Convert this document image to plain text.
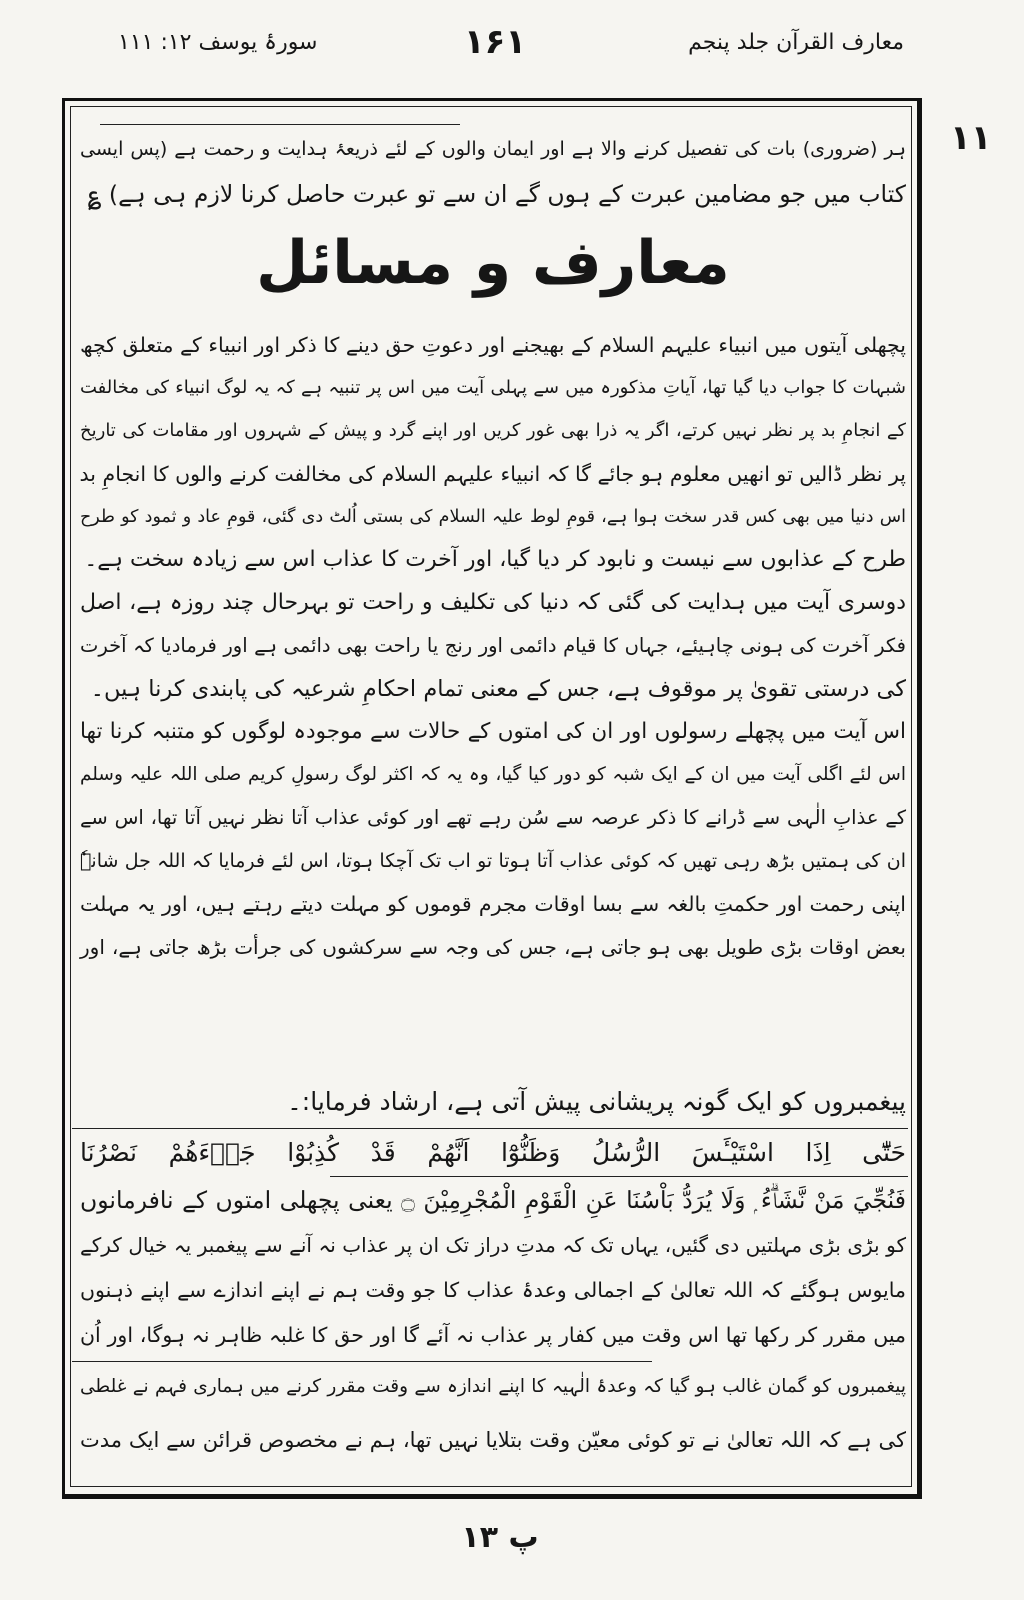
معارف القرآن جلد پنجم
۱۶۱
سورۂ یوسف ۱۲: ۱۱۱
۱۱
ہر (ضروری) بات کی تفصیل کرنے والا ہے اور ایمان والوں کے لئے ذریعۂ ہدایت و رحمت ہے (پس ایسی
کتاب میں جو مضامین عبرت کے ہوں گے ان سے تو عبرت حاصل کرنا لازم ہی ہے) ؏
معارف و مسائل
پچھلی آیتوں میں انبیاء علیہم السلام کے بھیجنے اور دعوتِ حق دینے کا ذکر اور انبیاء کے متعلق کچھ
شبہات کا جواب دیا گیا تھا، آیاتِ مذکورہ میں سے پہلی آیت میں اس پر تنبیہ ہے کہ یہ لوگ انبیاء کی مخالفت
کے انجامِ بد پر نظر نہیں کرتے، اگر یہ ذرا بھی غور کریں اور اپنے گرد و پیش کے شہروں اور مقامات کی تاریخ
پر نظر ڈالیں تو انھیں معلوم ہو جائے گا کہ انبیاء علیہم السلام کی مخالفت کرنے والوں کا انجامِ بد
اس دنیا میں بھی کس قدر سخت ہوا ہے، قومِ لوط علیہ السلام کی بستی اُلٹ دی گئی، قومِ عاد و ثمود کو طرح
طرح کے عذابوں سے نیست و نابود کر دیا گیا، اور آخرت کا عذاب اس سے زیادہ سخت ہے۔
دوسری آیت میں ہدایت کی گئی کہ دنیا کی تکلیف و راحت تو بہرحال چند روزہ ہے، اصل
فکر آخرت کی ہونی چاہیئے، جہاں کا قیام دائمی اور رنج یا راحت بھی دائمی ہے اور فرمادیا کہ آخرت
کی درستی تقویٰ پر موقوف ہے، جس کے معنی تمام احکامِ شرعیہ کی پابندی کرنا ہیں۔
اس آیت میں پچھلے رسولوں اور ان کی امتوں کے حالات سے موجودہ لوگوں کو متنبہ کرنا تھا
اس لئے اگلی آیت میں ان کے ایک شبہ کو دور کیا گیا، وہ یہ کہ اکثر لوگ رسولِ کریم صلی اللہ علیہ وسلم
کے عذابِ الٰہی سے ڈرانے کا ذکر عرصہ سے سُن رہے تھے اور کوئی عذاب آتا نظر نہیں آتا تھا، اس سے
ان کی ہمتیں بڑھ رہی تھیں کہ کوئی عذاب آتا ہوتا تو اب تک آچکا ہوتا، اس لئے فرمایا کہ اللہ جل شانہٗ
اپنی رحمت اور حکمتِ بالغہ سے بسا اوقات مجرم قوموں کو مہلت دیتے رہتے ہیں، اور یہ مہلت
بعض اوقات بڑی طویل بھی ہو جاتی ہے، جس کی وجہ سے سرکشوں کی جرأت بڑھ جاتی ہے، اور
پیغمبروں کو ایک گونہ پریشانی پیش آتی ہے، ارشاد فرمایا:۔
حَتّٰٓى اِذَا اسْتَيْـَٔسَ الرُّسُلُ وَظَنُّوْٓا اَنَّهُمْ قَدْ كُذِبُوْا جَاۗءَهُمْ نَصْرُنَا
فَنُجِّيَ مَنْ نَّشَاۗءُ ۭ وَلَا يُرَدُّ بَاْسُنَا عَنِ الْقَوْمِ الْمُجْرِمِيْنَ ۝ یعنی پچھلی امتوں کے نافرمانوں
کو بڑی بڑی مہلتیں دی گئیں، یہاں تک کہ مدتِ دراز تک ان پر عذاب نہ آنے سے پیغمبر یہ خیال کرکے
مایوس ہوگئے کہ اللہ تعالیٰ کے اجمالی وعدۂ عذاب کا جو وقت ہم نے اپنے اندازے سے اپنے ذہنوں
میں مقرر کر رکھا تھا اس وقت میں کفار پر عذاب نہ آئے گا اور حق کا غلبہ ظاہر نہ ہوگا، اور اُن
پیغمبروں کو گمان غالب ہو گیا کہ وعدۂ الٰہیہ کا اپنے اندازہ سے وقت مقرر کرنے میں ہماری فہم نے غلطی
کی ہے کہ اللہ تعالیٰ نے تو کوئی معیّن وقت بتلایا نہیں تھا، ہم نے مخصوص قرائن سے ایک مدت
پ ۱۳
